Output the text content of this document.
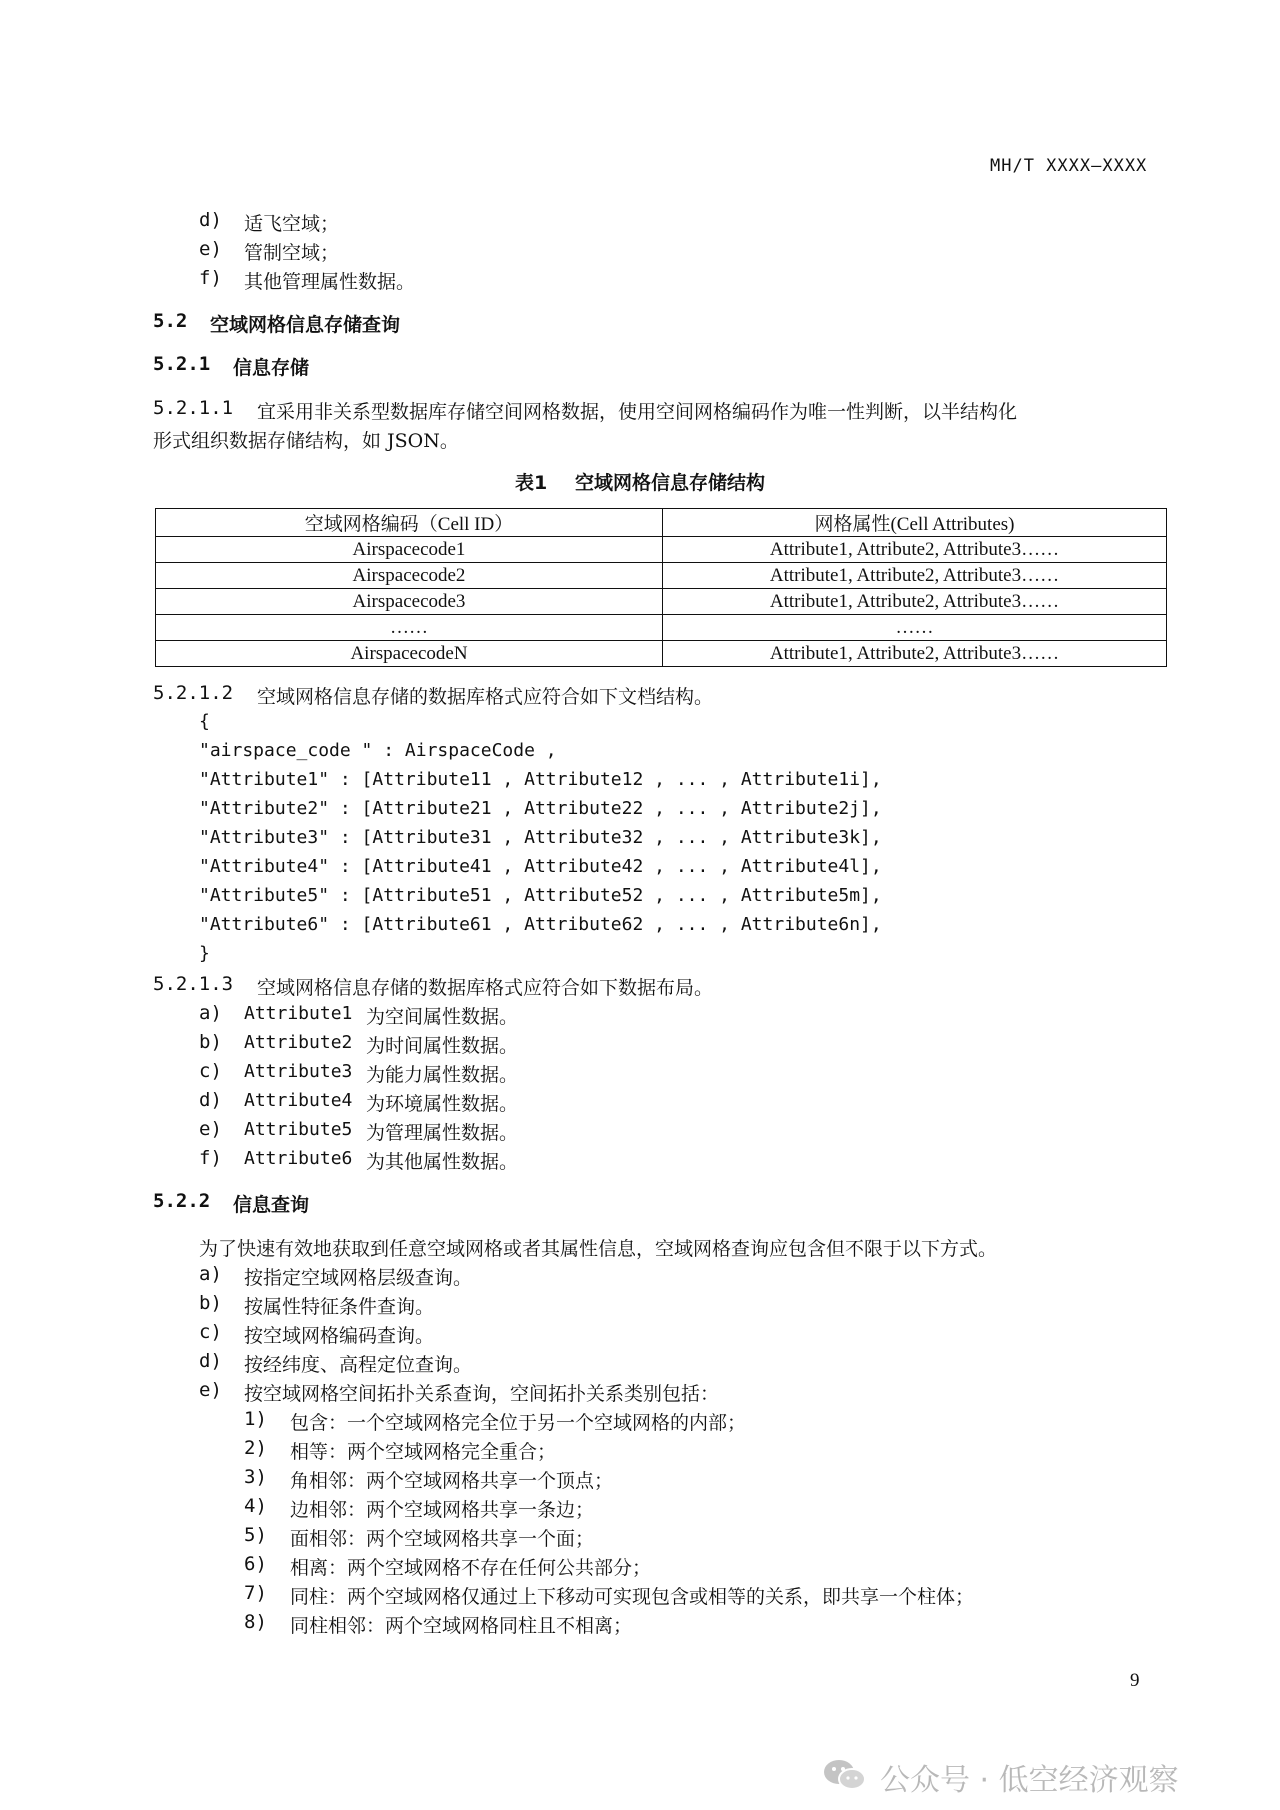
MH/T XXXX—XXXX
d) 适飞空域；
e) 管制空域；
f) 其他管理属性数据。
5.2 空域网格信息存储查询
5.2.1 信息存储
5.2.1.1 宜采用非关系型数据库存储空间网格数据，使用空间网格编码作为唯一性判断，以半结构化
形式组织数据存储结构，如 JSON。
表1 空域网格信息存储结构
空域网格编码（Cell ID）	网格属性(Cell Attributes)
Airspacecode1	Attribute1, Attribute2, Attribute3……
Airspacecode2	Attribute1, Attribute2, Attribute3……
Airspacecode3	Attribute1, Attribute2, Attribute3……
……	……
AirspacecodeN	Attribute1, Attribute2, Attribute3……
5.2.1.2 空域网格信息存储的数据库格式应符合如下文档结构。
{
"airspace_code " : AirspaceCode ,
"Attribute1" : [Attribute11 , Attribute12 , ... , Attribute1i],
"Attribute2" : [Attribute21 , Attribute22 , ... , Attribute2j],
"Attribute3" : [Attribute31 , Attribute32 , ... , Attribute3k],
"Attribute4" : [Attribute41 , Attribute42 , ... , Attribute4l],
"Attribute5" : [Attribute51 , Attribute52 , ... , Attribute5m],
"Attribute6" : [Attribute61 , Attribute62 , ... , Attribute6n],
}
5.2.1.3 空域网格信息存储的数据库格式应符合如下数据布局。
a) Attribute1 为空间属性数据。
b) Attribute2 为时间属性数据。
c) Attribute3 为能力属性数据。
d) Attribute4 为环境属性数据。
e) Attribute5 为管理属性数据。
f) Attribute6 为其他属性数据。
5.2.2 信息查询
为了快速有效地获取到任意空域网格或者其属性信息，空域网格查询应包含但不限于以下方式。
a) 按指定空域网格层级查询。
b) 按属性特征条件查询。
c) 按空域网格编码查询。
d) 按经纬度、高程定位查询。
e) 按空域网格空间拓扑关系查询，空间拓扑关系类别包括：
1) 包含：一个空域网格完全位于另一个空域网格的内部；
2) 相等：两个空域网格完全重合；
3) 角相邻：两个空域网格共享一个顶点；
4) 边相邻：两个空域网格共享一条边；
5) 面相邻：两个空域网格共享一个面；
6) 相离：两个空域网格不存在任何公共部分；
7) 同柱：两个空域网格仅通过上下移动可实现包含或相等的关系，即共享一个柱体；
8) 同柱相邻：两个空域网格同柱且不相离；
9
公众号 · 低空经济观察
